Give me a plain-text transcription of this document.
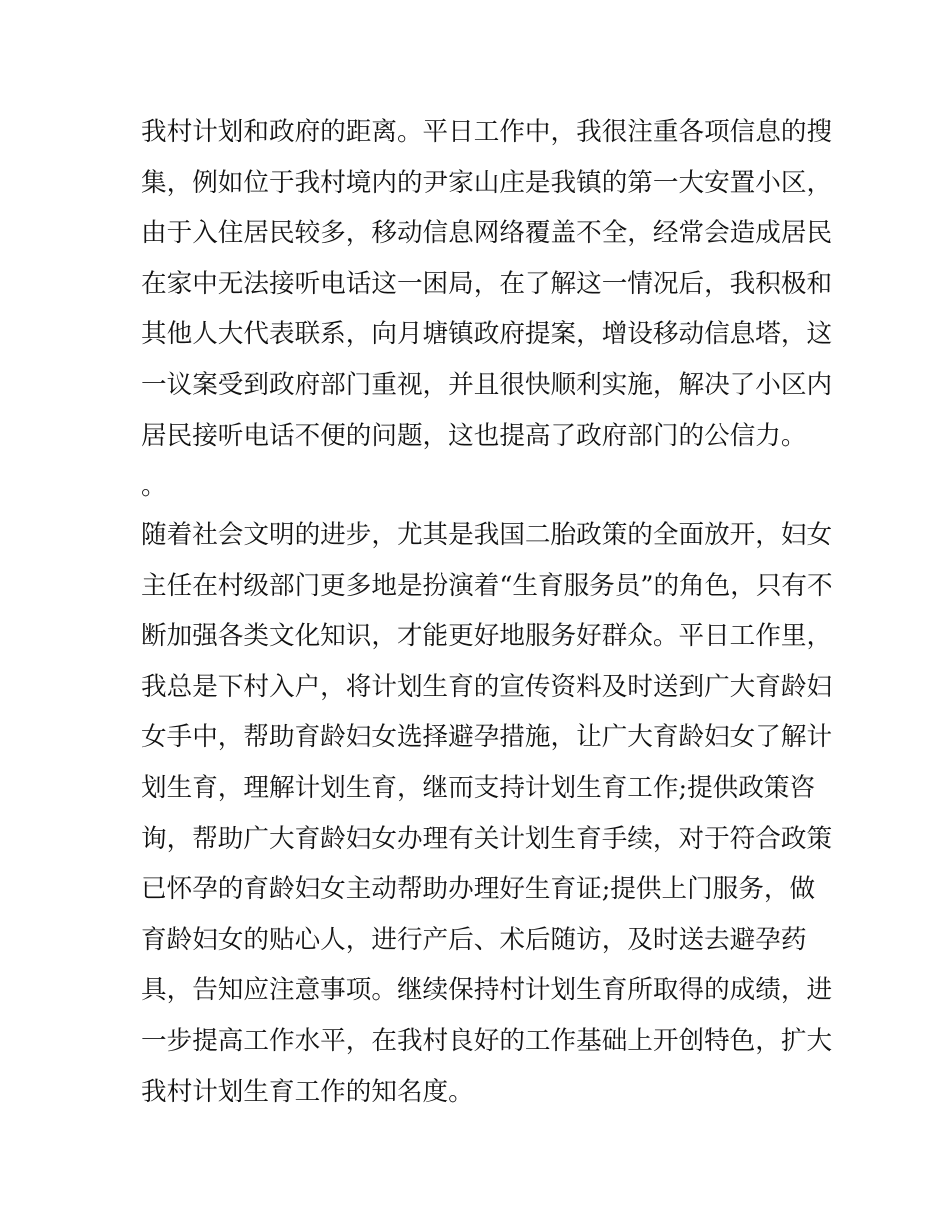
我村计划和政府的距离。平日工作中，我很注重各项信息的搜
集，例如位于我村境内的尹家山庄是我镇的第一大安置小区，
由于入住居民较多，移动信息网络覆盖不全，经常会造成居民
在家中无法接听电话这一困局，在了解这一情况后，我积极和
其他人大代表联系，向月塘镇政府提案，增设移动信息塔，这
一议案受到政府部门重视，并且很快顺利实施，解决了小区内
居民接听电话不便的问题，这也提高了政府部门的公信力。
。
随着社会文明的进步，尤其是我国二胎政策的全面放开，妇女
主任在村级部门更多地是扮演着“生育服务员”的角色，只有不
断加强各类文化知识，才能更好地服务好群众。平日工作里，
我总是下村入户，将计划生育的宣传资料及时送到广大育龄妇
女手中，帮助育龄妇女选择避孕措施，让广大育龄妇女了解计
划生育，理解计划生育，继而支持计划生育工作;提供政策咨
询，帮助广大育龄妇女办理有关计划生育手续，对于符合政策
已怀孕的育龄妇女主动帮助办理好生育证;提供上门服务，做
育龄妇女的贴心人，进行产后、术后随访，及时送去避孕药
具，告知应注意事项。继续保持村计划生育所取得的成绩，进
一步提高工作水平，在我村良好的工作基础上开创特色，扩大
我村计划生育工作的知名度。
